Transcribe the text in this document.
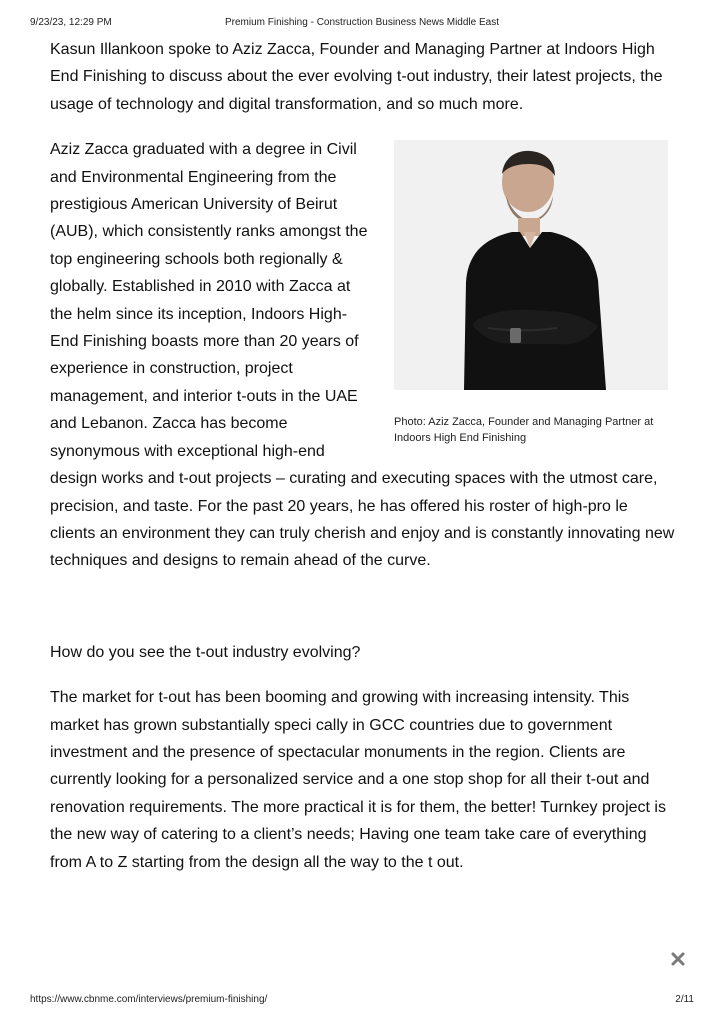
9/23/23, 12:29 PM	Premium Finishing - Construction Business News Middle East

Kasun Illankoon spoke to Aziz Zacca, Founder and Managing Partner at Indoors High End Finishing to discuss about the ever evolving t-out industry, their latest projects, the usage of technology and digital transformation, and so much more.

Photo: Aziz Zacca, Founder and Managing Partner at Indoors High End Finishing

Aziz Zacca graduated with a degree in Civil and Environmental Engineering from the prestigious American University of Beirut (AUB), which consistently ranks amongst the top engineering schools both regionally & globally. Established in 2010 with Zacca at the helm since its inception, Indoors High-End Finishing boasts more than 20 years of experience in construction, project management, and interior t-outs in the UAE and Lebanon. Zacca has become synonymous with exceptional high-end design works and t-out projects – curating and executing spaces with the utmost care, precision, and taste. For the past 20 years, he has offered his roster of high-pro le clients an environment they can truly cherish and enjoy and is constantly innovating new techniques and designs to remain ahead of the curve.

How do you see the t-out industry evolving?

The market for t-out has been booming and growing with increasing intensity. This market has grown substantially speci cally in GCC countries due to government investment and the presence of spectacular monuments in the region. Clients are currently looking for a personalized service and a one stop shop for all their t-out and renovation requirements. The more practical it is for them, the better! Turnkey project is the new way of catering to a client’s needs; Having one team take care of everything from A to Z starting from the design all the way to the t out.

https://www.cbnme.com/interviews/premium-finishing/	2/11
